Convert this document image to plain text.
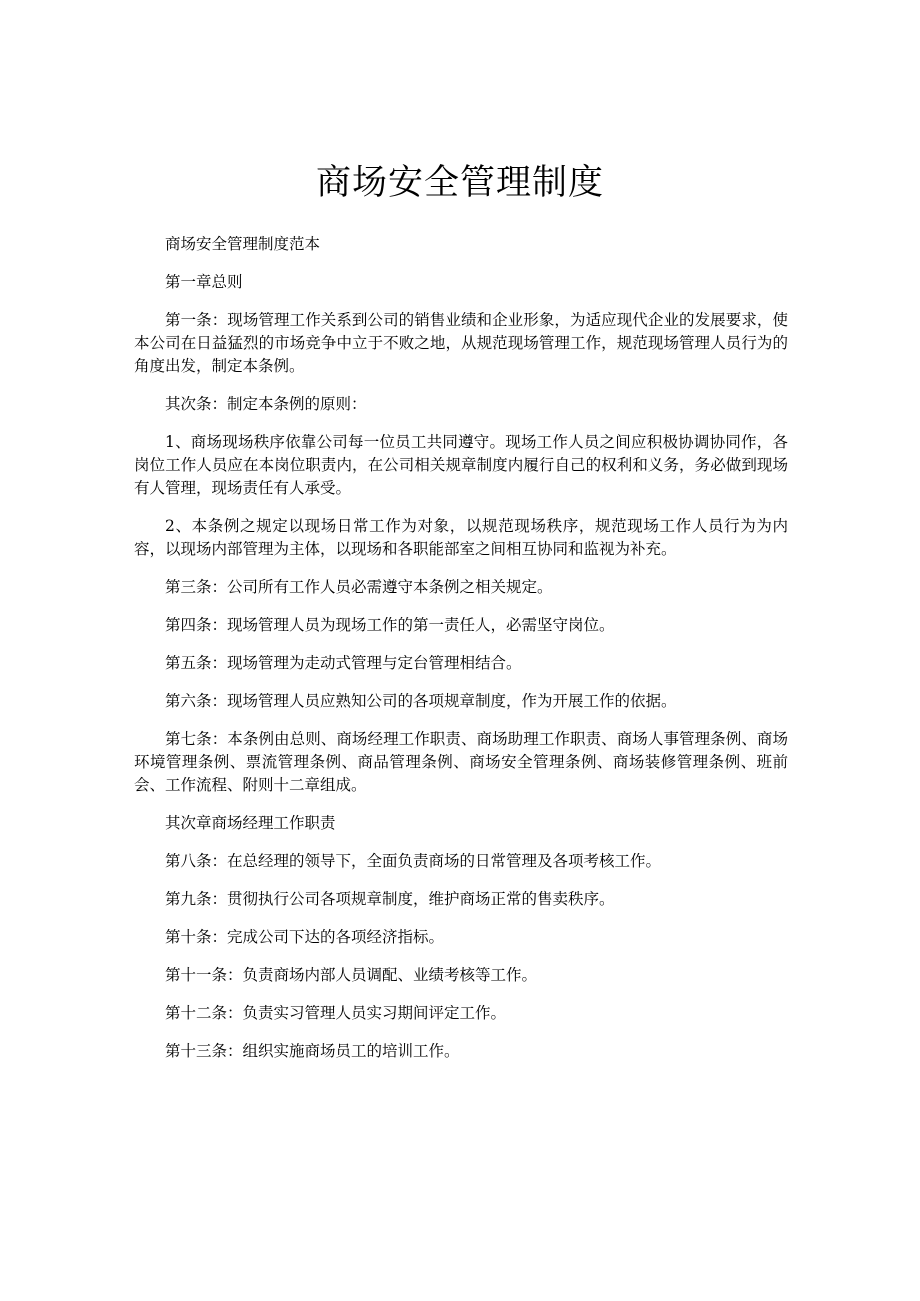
商场安全管理制度

商场安全管理制度范本

第一章总则

第一条：现场管理工作关系到公司的销售业绩和企业形象，为适应现代企业的发展要求，使本公司在日益猛烈的市场竞争中立于不败之地，从规范现场管理工作，规范现场管理人员行为的角度出发，制定本条例。

其次条：制定本条例的原则：

1、商场现场秩序依靠公司每一位员工共同遵守。现场工作人员之间应积极协调协同作，各岗位工作人员应在本岗位职责内，在公司相关规章制度内履行自己的权利和义务，务必做到现场有人管理，现场责任有人承受。

2、本条例之规定以现场日常工作为对象，以规范现场秩序，规范现场工作人员行为为内容，以现场内部管理为主体，以现场和各职能部室之间相互协同和监视为补充。

第三条：公司所有工作人员必需遵守本条例之相关规定。

第四条：现场管理人员为现场工作的第一责任人，必需坚守岗位。

第五条：现场管理为走动式管理与定台管理相结合。

第六条：现场管理人员应熟知公司的各项规章制度，作为开展工作的依据。

第七条：本条例由总则、商场经理工作职责、商场助理工作职责、商场人事管理条例、商场环境管理条例、票流管理条例、商品管理条例、商场安全管理条例、商场装修管理条例、班前会、工作流程、附则十二章组成。

其次章商场经理工作职责

第八条：在总经理的领导下，全面负责商场的日常管理及各项考核工作。

第九条：贯彻执行公司各项规章制度，维护商场正常的售卖秩序。

第十条：完成公司下达的各项经济指标。

第十一条：负责商场内部人员调配、业绩考核等工作。

第十二条：负责实习管理人员实习期间评定工作。

第十三条：组织实施商场员工的培训工作。
